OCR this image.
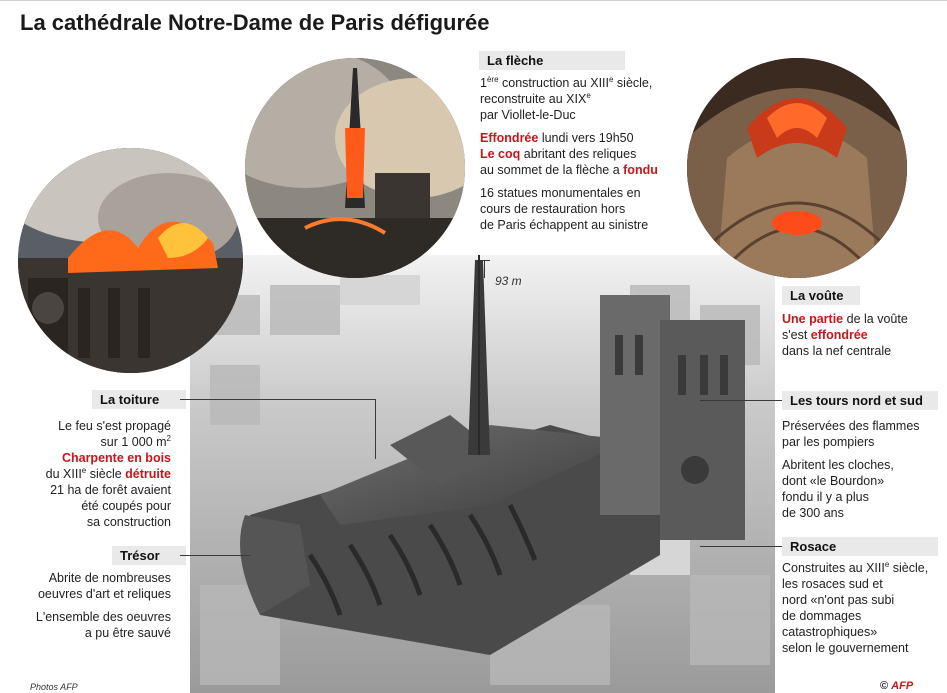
La cathédrale Notre-Dame de Paris défigurée
La flèche
1ère construction au XIIIe siècle,
reconstruite au XIXe
par Viollet-le-Duc
Effondrée lundi vers 19h50
Le coq abritant des reliques
au sommet de la flèche a fondu
16 statues monumentales en
cours de restauration hors
de Paris échappent au sinistre
93 m
La voûte
Une partie de la voûte
s'est effondrée
dans la nef centrale
Les tours nord et sud
Préservées des flammes
par les pompiers
Abritent les cloches,
dont «le Bourdon»
fondu il y a plus
de 300 ans
Rosace
Construites au XIIIe siècle,
les rosaces sud et
nord «n'ont pas subi
de dommages
catastrophiques»
selon le gouvernement
La toiture
Le feu s'est propagé
sur 1 000 $m^2$
Charpente en bois
du XIIIe siècle détruite
21 ha de forêt avaient
été coupés pour
sa construction
Trésor
Abrite de nombreuses
oeuvres d'art et reliques
L'ensemble des oeuvres
a pu être sauvé
Photos AFP	© AFP
